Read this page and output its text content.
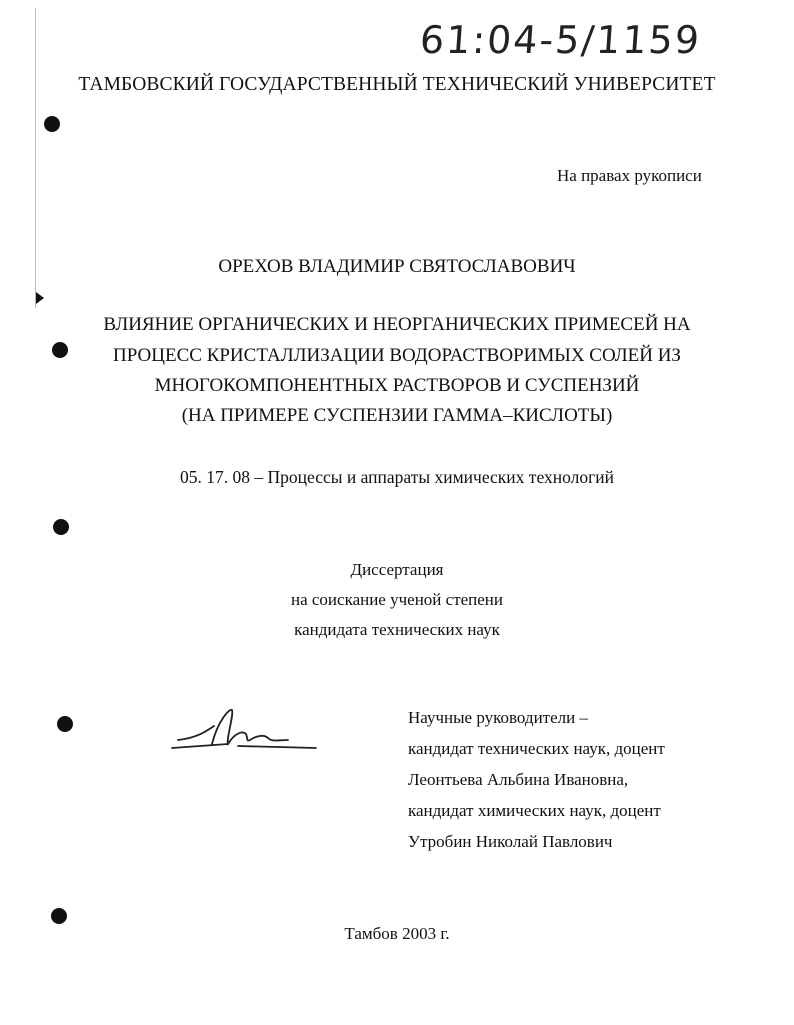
61:04-5/1159
ТАМБОВСКИЙ ГОСУДАРСТВЕННЫЙ ТЕХНИЧЕСКИЙ УНИВЕРСИТЕТ
На правах рукописи
ОРЕХОВ ВЛАДИМИР СВЯТОСЛАВОВИЧ
ВЛИЯНИЕ ОРГАНИЧЕСКИХ И НЕОРГАНИЧЕСКИХ ПРИМЕСЕЙ НА
ПРОЦЕСС КРИСТАЛЛИЗАЦИИ ВОДОРАСТВОРИМЫХ СОЛЕЙ ИЗ
МНОГОКОМПОНЕНТНЫХ РАСТВОРОВ И СУСПЕНЗИЙ
(НА ПРИМЕРЕ СУСПЕНЗИИ ГАММА–КИСЛОТЫ)
05. 17. 08 – Процессы и аппараты химических технологий
Диссертация
на соискание ученой степени
кандидата технических наук
Научные руководители –
кандидат технических наук, доцент
Леонтьева Альбина Ивановна,
кандидат химических наук, доцент
Утробин Николай Павлович
Тамбов 2003 г.
